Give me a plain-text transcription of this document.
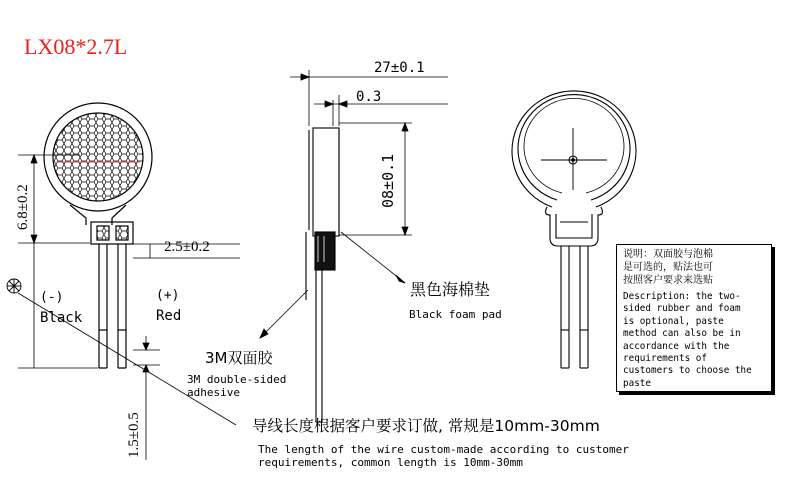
LX08*2.7L
6.8±0.2
2.5±0.2
1.5±0.5
(-)
Black
(+)
Red
27±0.1
0.3
08±0.1
黑色海棉垫
Black foam pad
3M双面胶
3M double-sided
adhesive
导线长度根据客户要求订做, 常规是10mm-30mm
The length of the wire custom-made according to customer
requirements, common length is 10mm-30mm
说明：双面胶与泡棉
是可选的，贴法也可
按照客户要求来选贴
Description: the two-
sided rubber and foam
is optional, paste
method can also be in
accordance with the
requirements of
customers to choose the
paste
